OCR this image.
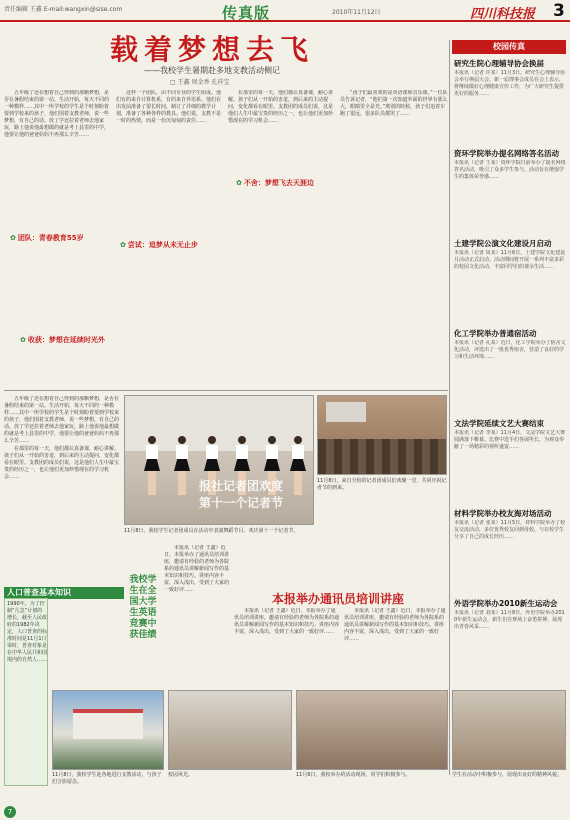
责任编辑 王鑫 E-mail:wangxin@sise.com	传真版	2010年11月12日	四川科技报 3
载着梦想去飞
——我校学生暑期赴多地支教活动侧记
□ 王鑫 周金香 孔祥宝

五年级了还在想着自己得到的那颗梦想，是否在暑假结束的第一站。生活开始，每天不同的一种模样……其中一所学校的学生是个时刻盼着要到学校来的孩子，他们围着支教老师，说一些梦想，有自己的话。放了学还拉着老师去他家玩，路上他说他最想做的就是考上县里的中学，他要让他的爸爸妈妈不再那么辛苦……

✿ 团队：青春教育55岁

这样一个团队，由不同专业的学生组成。他们有的来自计算机系，有的来自外语系。他们在出发前准备了很长时间，制订了详细的教学计划，准备了各种各样的教具。他们说，支教不是一时的热情，而是一份沉甸甸的责任……

✿ 尝试：追梦从未无止步

在那里的每一天，他们都认真备课，耐心讲解。孩子们从一开始的害羞，到后来的主动提问，变化都看在眼里。支教团的成员们说，这是他们人生中最宝贵的经历之一，也让他们更加珍惜现在的学习机会……

✿ 不舍：梦想飞去天涯边

“孩子们最喜欢的是英语课和音乐课。”一位队员告诉记者，“他们第一次知道外面的世界有那么大，眼睛里全是光。”离别的时候，孩子们追着车跑了很远，很多队员都哭了……

✿ 收获：梦想在延续时光外

五年级了还在想着自己得到的那颗梦想，是否在暑假结束的第一站。生活开始，每天不同的一种模样……其中一所学校的学生是个时刻盼着要到学校来的孩子，他们围着支教老师，说一些梦想，有自己的话。放了学还拉着老师去他家玩，路上他说他最想做的就是考上县里的中学，他要让他的爸爸妈妈不再那么辛苦……

在那里的每一天，他们都认真备课，耐心讲解。孩子们从一开始的害羞，到后来的主动提问，变化都看在眼里。支教团的成员们说，这是他们人生中最宝贵的经历之一，也让他们更加珍惜现在的学习机会……

报社记者团欢度
第十一个记者节
11月8日，我校学生记者团成员在活动中表演舞蹈节目，欢庆第十一个记者节。
11月8日，来自全校的记者团成员们欢聚一堂，共同庆祝记者节的到来。
我校学生在全国大学生英语竞赛中获佳绩
本报举办通讯员培训讲座

本报讯（记者 王鑫）近日，本报举办了通讯员培训讲座，邀请有经验的老师为各院系的通讯员讲解新闻写作的基本知识和技巧。讲座内容丰富，深入浅出，受到了大家的一致好评……

本报讯（记者 王鑫）近日，本报举办了通讯员培训讲座，邀请有经验的老师为各院系的通讯员讲解新闻写作的基本知识和技巧。讲座内容丰富，深入浅出，受到了大家的一致好评……

本报讯（记者 王鑫）近日，本报举办了通讯员培训讲座，邀请有经验的老师为各院系的通讯员讲解新闻写作的基本知识和技巧。讲座内容丰富，深入浅出，受到了大家的一致好评……

人口普查基本知识
1990年，为了控制“几急”计划的增长，截至人民政府的1982年决定，人口普查的标准时间是11月1日零时，普查对象是在中华人民共和国境内的自然人……
11月8日，我校学生赴各地进行支教活动，与孩子们合影留念。
校园风光。	11月6日，我校举办的活动现场，同学们积极参与。	学生在活动中积极参与，展现出良好的精神风貌。
校园传真
研究生院心理辅导协会换届
本报讯（记者 许某）11月3日，研究生心理辅导协会举行换届大会。新一届理事会成员在会上表示，将继续做好心理健康宣传工作，为广大研究生提供更好的服务……
资环学院举办提名网络答名活动
本报讯（记者 王某）资环学院日前举办了提名网络答名活动，吸引了众多学生参与。活动旨在增强学生的集体荣誉感……
土建学院公演文化建设月启动
本报讯（记者 周某）11月6日，土建学院文化建设月活动正式启动。活动期间将开展一系列丰富多彩的校园文化活动，丰富同学们的课余生活……
化工学院举办普通宿活动
本报讯（记者 孔某）近日，化工学院举办了宿舍文化活动，评选出了一批优秀宿舍，营造了良好的学习和生活环境……
文法学院延续文艺大赛结束
本报讯（记者 李某）11月4日，文法学院文艺大赛圆满落下帷幕。比赛中选手们各展所长，为观众奉献了一场精彩的视听盛宴……
材料学院举办校友海对场活动
本报讯（记者 张某）11月5日，材料学院举办了校友交流活动，多位优秀校友回到母校，与在校学生分享了自己的成长经历……
外语学院举办2010新生运动会
本报讯（记者 刘某）11月8日，外语学院举办2010年新生运动会，新生们在赛场上奋勇拼搏，展现出青春风采……
7
